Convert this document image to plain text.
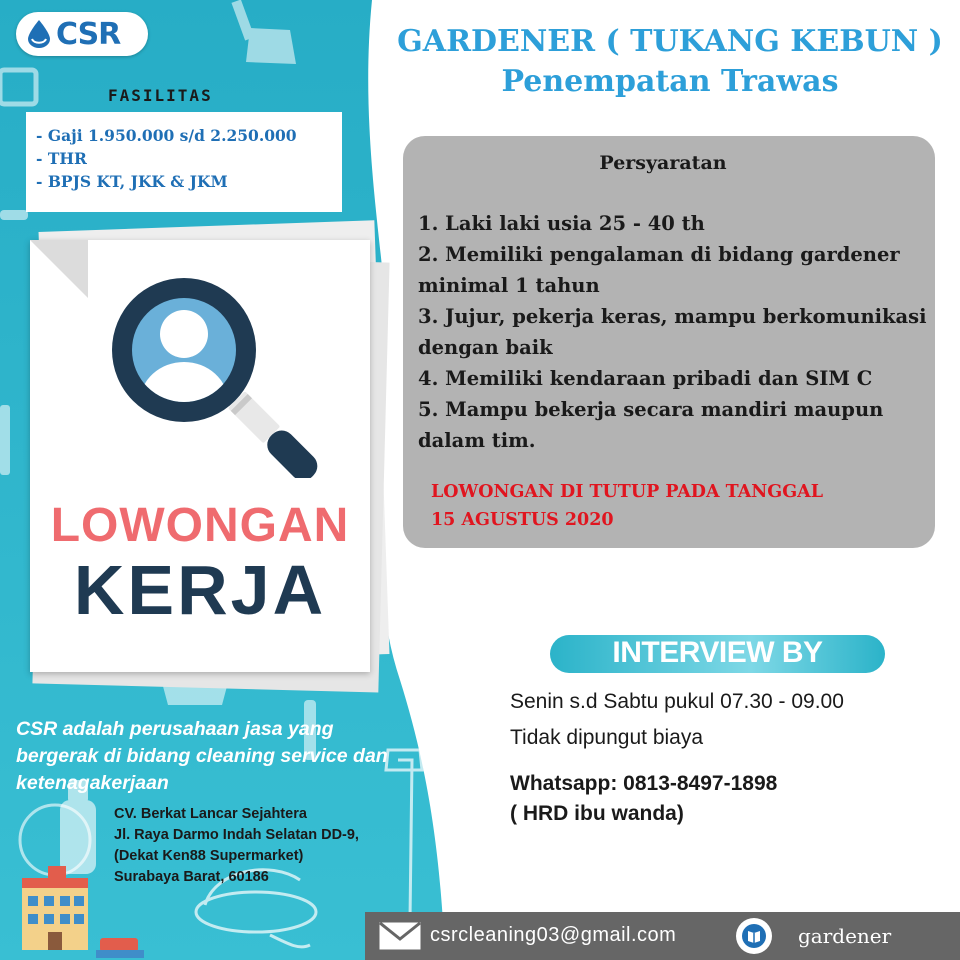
CSR
FASILITAS
- Gaji 1.950.000 s/d 2.250.000
- THR
- BPJS KT, JKK & JKM
LOWONGAN
KERJA
CSR adalah perusahaan jasa yang bergerak di bidang cleaning service dan ketenagakerjaan
CV. Berkat Lancar Sejahtera
Jl. Raya Darmo Indah Selatan DD-9,
(Dekat Ken88 Supermarket)
Surabaya Barat, 60186
GARDENER ( TUKANG KEBUN )
Penempatan Trawas
Persyaratan
1. Laki laki usia 25 - 40 th
2. Memiliki pengalaman di bidang gardener minimal 1 tahun
3. Jujur, pekerja keras, mampu berkomunikasi dengan baik
4. Memiliki kendaraan pribadi dan SIM C
5. Mampu bekerja secara mandiri maupun dalam tim.
LOWONGAN DI TUTUP PADA TANGGAL
15 AGUSTUS 2020
INTERVIEW BY
Senin s.d Sabtu pukul 07.30 - 09.00
Tidak dipungut biaya
Whatsapp: 0813-8497-1898
( HRD ibu wanda)
csrcleaning03@gmail.com	gardener
